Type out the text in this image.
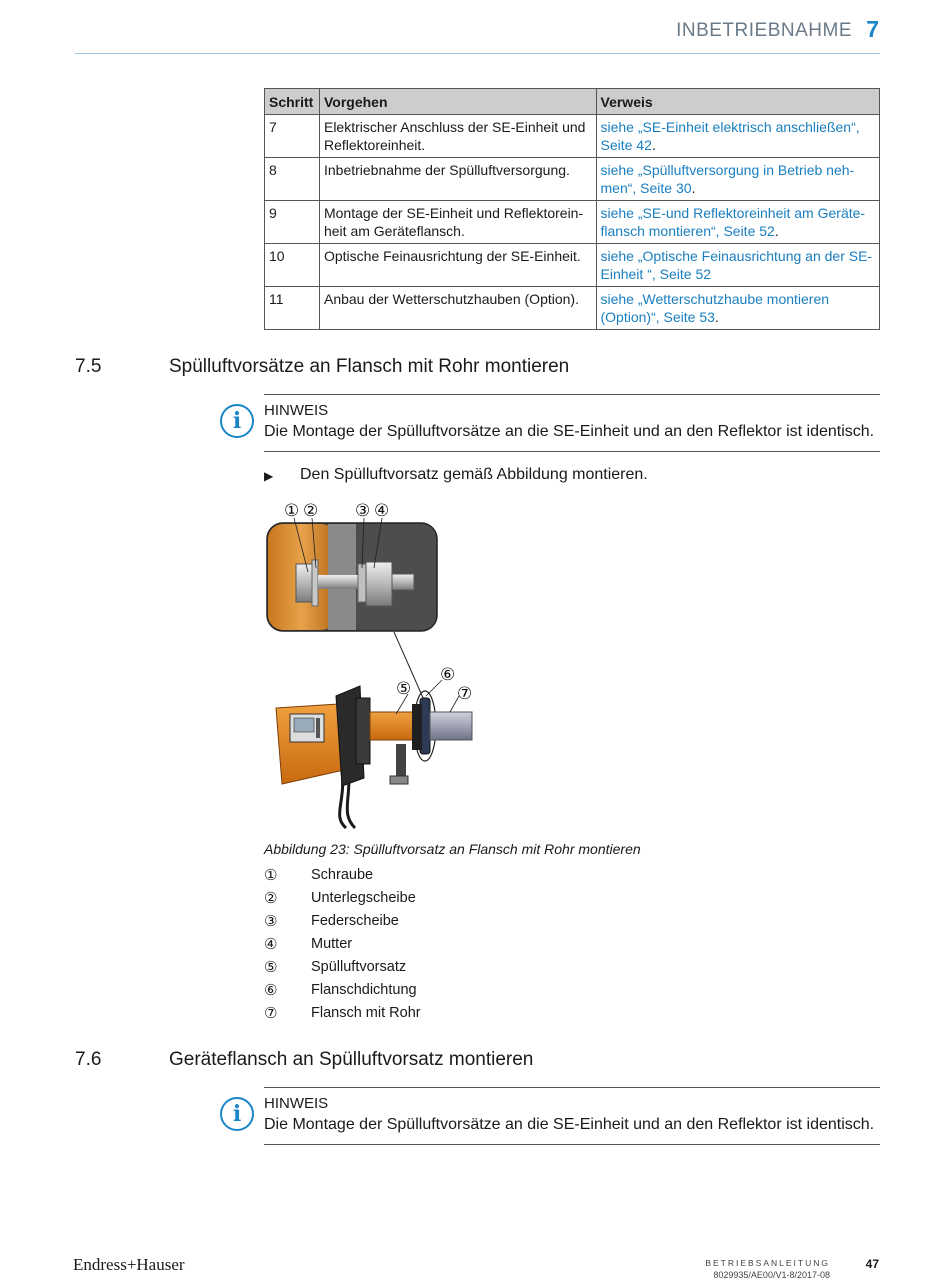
INBETRIEBNAHME 7
Schritt	Vorgehen	Verweis
7	Elektrischer Anschluss der SE-Einheit und Reflektoreinheit.	siehe „SE-Einheit elektrisch anschließen“, Seite 42.
8	Inbetriebnahme der Spülluftversorgung.	siehe „Spülluftversorgung in Betrieb neh- men“, Seite 30.
9	Montage der SE-Einheit und Reflektorein- heit am Geräteflansch.	siehe „SE-und Reflektoreinheit am Geräte- flansch montieren“, Seite 52.
10	Optische Feinausrichtung der SE-Einheit.	siehe „Optische Feinausrichtung an der SE- Einheit “, Seite 52
11	Anbau der Wetterschutzhauben (Option).	siehe „Wetterschutzhaube montieren (Option)“, Seite 53.
7.5	Spülluftvorsätze an Flansch mit Rohr montieren
i	HINWEIS
Die Montage der Spülluftvorsätze an die SE-Einheit und an den Reflektor ist identisch.
▶ Den Spülluftvorsatz gemäß Abbildung montieren.
① ② ③ ④
⑤
⑥
⑦
Abbildung 23: Spülluftvorsatz an Flansch mit Rohr montieren
① Schraube
② Unterlegscheibe
③ Federscheibe
④ Mutter
⑤ Spülluftvorsatz
⑥ Flanschdichtung
⑦ Flansch mit Rohr
7.6	Geräteflansch an Spülluftvorsatz montieren
i	HINWEIS
Die Montage der Spülluftvorsätze an die SE-Einheit und an den Reflektor ist identisch.
Endress+Hauser	BETRIEBSANLEITUNG
8029935/AE00/V1-8/2017-08
47
